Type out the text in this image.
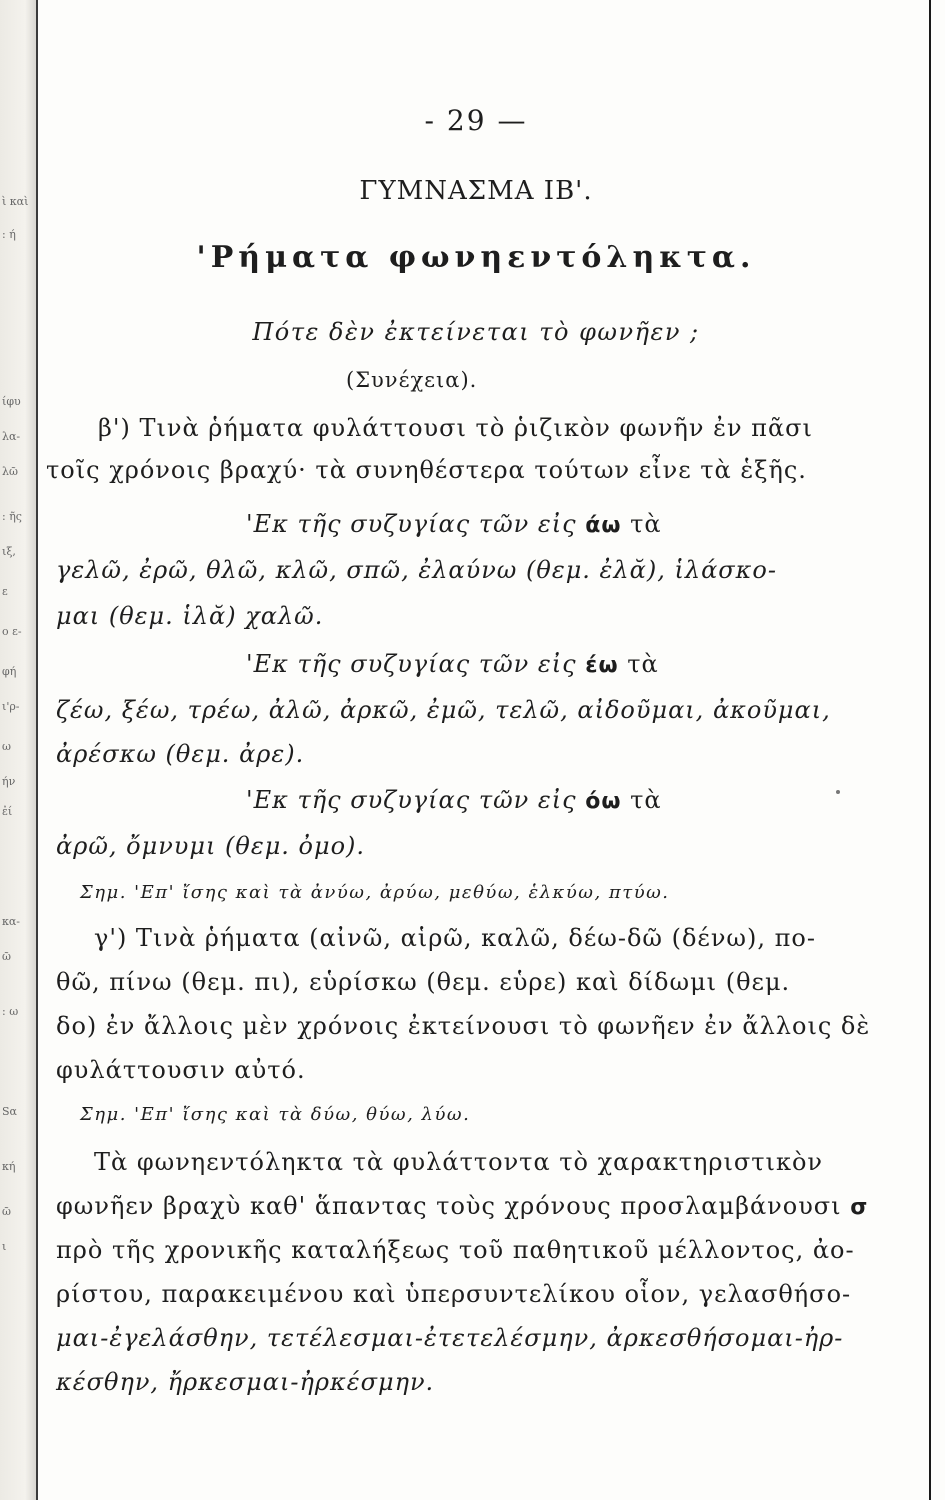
ὶ καὶ
: ή
ίφυ
λα-
λῶ
: ῆς
ιξ,
ε
ο ε-
φή
ι'ρ-
ω
ήν
ἐί
κα-
ῶ
: ω
Sα
κή
ῶ
ι

- 29 —

ΓΥΜΝΑΣΜΑ ΙΒ'.

'Ρήματα φωνηεντόληκτα.

Πότε δὲν ἐκτείνεται τὸ φωνῆεν ;

(Συνέχεια).

β') Τινὰ ῥήματα φυλάττουσι τὸ ῥιζικὸν φωνῆν ἐν πᾶσι

τοῖς χρόνοις βραχύ· τὰ συνηθέστερα τούτων εἶνε τὰ ἑξῆς.

'Εκ τῆς συζυγίας τῶν εἰς άω τὰ

γελῶ, ἐρῶ, θλῶ, κλῶ, σπῶ, ἐλαύνω (θεμ. ἐλᾰ), ἱλάσκο-

μαι (θεμ. ἱλᾰ) χαλῶ.

'Εκ τῆς συζυγίας τῶν εἰς έω τὰ

ζέω, ξέω, τρέω, ἀλῶ, ἀρκῶ, ἐμῶ, τελῶ, αἰδοῦμαι, ἀκοῦμαι,

ἀρέσκω (θεμ. ἀρε).

'Εκ τῆς συζυγίας τῶν εἰς όω τὰ

ἀρῶ, ὄμνυμι (θεμ. ὀμο).

Σημ. 'Επ' ἴσης καὶ τὰ ἀνύω, ἀρύω, μεθύω, ἑλκύω, πτύω.

γ') Τινὰ ῥήματα (αἰνῶ, αἱρῶ, καλῶ, δέω-δῶ (δένω), πο-

θῶ, πίνω (θεμ. πι), εὑρίσκω (θεμ. εὑρε) καὶ δίδωμι (θεμ.

δο) ἐν ἄλλοις μὲν χρόνοις ἐκτείνουσι τὸ φωνῆεν ἐν ἄλλοις δὲ

φυλάττουσιν αὐτό.

Σημ. 'Επ' ἴσης καὶ τὰ δύω, θύω, λύω.

Τὰ φωνηεντόληκτα τὰ φυλάττοντα τὸ χαρακτηριστικὸν

φωνῆεν βραχὺ καθ' ἅπαντας τοὺς χρόνους προσλαμβάνουσι σ

πρὸ τῆς χρονικῆς καταλήξεως τοῦ παθητικοῦ μέλλοντος, ἀο-

ρίστου, παρακειμένου καὶ ὑπερσυντελίκου οἷον, γελασθήσο-

μαι-ἐγελάσθην, τετέλεσμαι-ἐτετελέσμην, ἀρκεσθήσομαι-ἠρ-

κέσθην, ἤρκεσμαι-ἠρκέσμην.
